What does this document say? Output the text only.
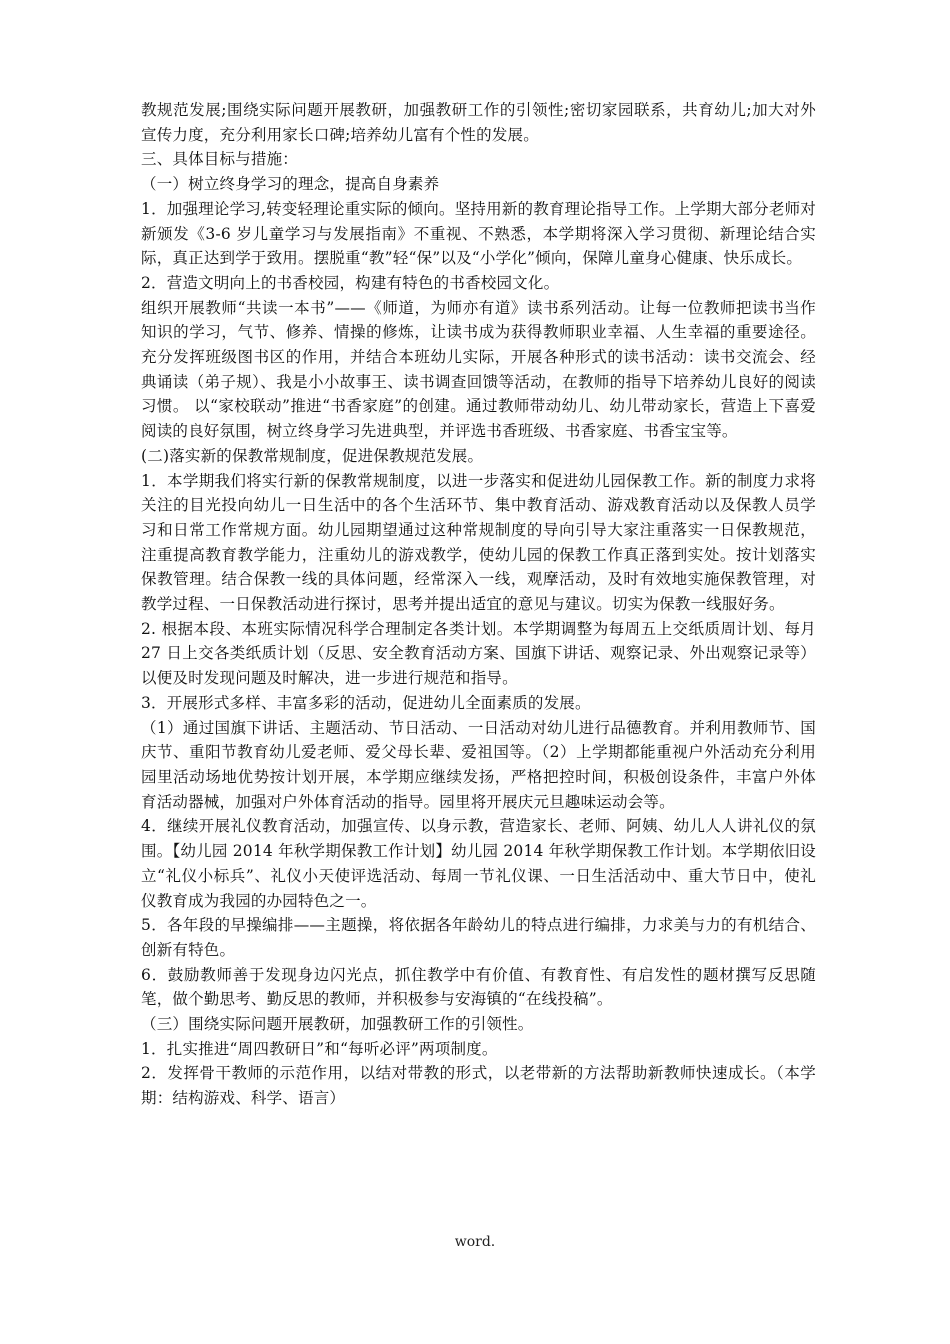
教规范发展;围绕实际问题开展教研，加强教研工作的引领性;密切家园联系，共育幼儿;加大对外宣传力度，充分利用家长口碑;培养幼儿富有个性的发展。

三、具体目标与措施：

（一）树立终身学习的理念，提高自身素养

1．加强理论学习,转变轻理论重实际的倾向。坚持用新的教育理论指导工作。上学期大部分老师对新颁发《3-6 岁儿童学习与发展指南》不重视、不熟悉，本学期将深入学习贯彻、新理论结合实际，真正达到学于致用。摆脱重“教”轻“保”以及“小学化”倾向，保障儿童身心健康、快乐成长。

2．营造文明向上的书香校园，构建有特色的书香校园文化。

组织开展教师“共读一本书”——《师道，为师亦有道》读书系列活动。让每一位教师把读书当作知识的学习，气节、修养、情操的修炼，让读书成为获得教师职业幸福、人生幸福的重要途径。 充分发挥班级图书区的作用，并结合本班幼儿实际，开展各种形式的读书活动：读书交流会、经典诵读（弟子规）、我是小小故事王、读书调查回馈等活动，在教师的指导下培养幼儿良好的阅读习惯。 以“家校联动”推进“书香家庭”的创建。通过教师带动幼儿、幼儿带动家长，营造上下喜爱阅读的良好氛围，树立终身学习先进典型，并评选书香班级、书香家庭、书香宝宝等。

(二)落实新的保教常规制度，促进保教规范发展。

1．本学期我们将实行新的保教常规制度，以进一步落实和促进幼儿园保教工作。新的制度力求将关注的目光投向幼儿一日生活中的各个生活环节、集中教育活动、游戏教育活动以及保教人员学习和日常工作常规方面。幼儿园期望通过这种常规制度的导向引导大家注重落实一日保教规范，注重提高教育教学能力，注重幼儿的游戏教学，使幼儿园的保教工作真正落到实处。按计划落实保教管理。结合保教一线的具体问题，经常深入一线，观摩活动，及时有效地实施保教管理，对教学过程、一日保教活动进行探讨，思考并提出适宜的意见与建议。切实为保教一线服好务。

2. 根据本段、本班实际情况科学合理制定各类计划。本学期调整为每周五上交纸质周计划、每月 27 日上交各类纸质计划（反思、安全教育活动方案、国旗下讲话、观察记录、外出观察记录等）以便及时发现问题及时解决，进一步进行规范和指导。

3．开展形式多样、丰富多彩的活动，促进幼儿全面素质的发展。

（1）通过国旗下讲话、主题活动、节日活动、一日活动对幼儿进行品德教育。并利用教师节、国庆节、重阳节教育幼儿爱老师、爱父母长辈、爱祖国等。（2）上学期都能重视户外活动充分利用园里活动场地优势按计划开展，本学期应继续发扬，严格把控时间，积极创设条件，丰富户外体育活动器械，加强对户外体育活动的指导。园里将开展庆元旦趣味运动会等。

4．继续开展礼仪教育活动，加强宣传、以身示教，营造家长、老师、阿姨、幼儿人人讲礼仪的氛围。【幼儿园 2014 年秋学期保教工作计划】幼儿园 2014 年秋学期保教工作计划。本学期依旧设立“礼仪小标兵”、礼仪小天使评选活动、每周一节礼仪课、一日生活活动中、重大节日中，使礼仪教育成为我园的办园特色之一。

5．各年段的早操编排——主题操，将依据各年龄幼儿的特点进行编排，力求美与力的有机结合、创新有特色。

6．鼓励教师善于发现身边闪光点，抓住教学中有价值、有教育性、有启发性的题材撰写反思随笔，做个勤思考、勤反思的教师，并积极参与安海镇的“在线投稿”。

（三）围绕实际问题开展教研，加强教研工作的引领性。

1．扎实推进“周四教研日”和“每听必评”两项制度。

2．发挥骨干教师的示范作用，以结对带教的形式，以老带新的方法帮助新教师快速成长。（本学期：结构游戏、科学、语言）

word.
